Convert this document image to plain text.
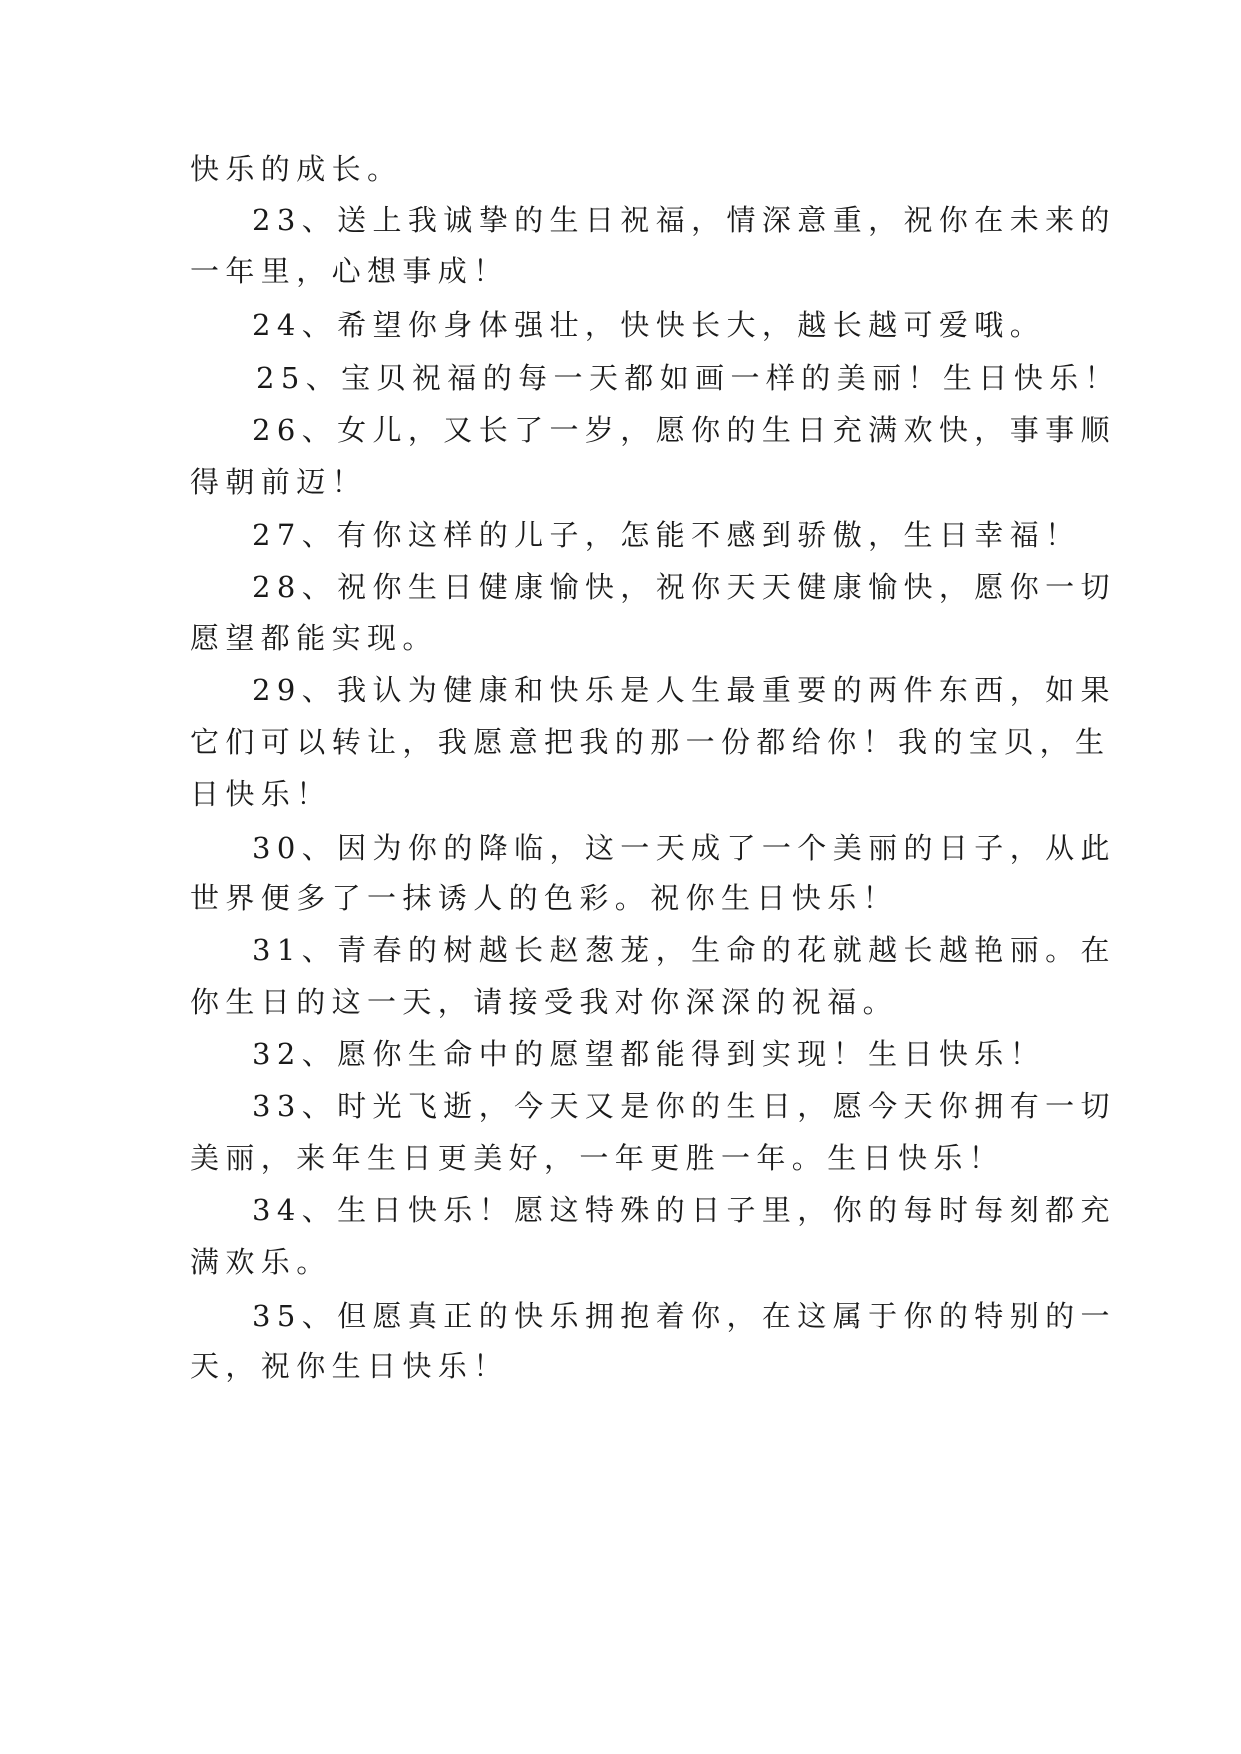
快乐的成长。
23、送上我诚挚的生日祝福，情深意重，祝你在未来的
一年里，心想事成！
24、希望你身体强壮，快快长大，越长越可爱哦。
25、宝贝祝福的每一天都如画一样的美丽！生日快乐！
26、女儿，又长了一岁，愿你的生日充满欢快，事事顺
得朝前迈！
27、有你这样的儿子，怎能不感到骄傲，生日幸福！
28、祝你生日健康愉快，祝你天天健康愉快，愿你一切
愿望都能实现。
29、我认为健康和快乐是人生最重要的两件东西，如果
它们可以转让，我愿意把我的那一份都给你！我的宝贝，生
日快乐！
30、因为你的降临，这一天成了一个美丽的日子，从此
世界便多了一抹诱人的色彩。祝你生日快乐！
31、青春的树越长赵葱茏，生命的花就越长越艳丽。在
你生日的这一天，请接受我对你深深的祝福。
32、愿你生命中的愿望都能得到实现！生日快乐！
33、时光飞逝，今天又是你的生日，愿今天你拥有一切
美丽，来年生日更美好，一年更胜一年。生日快乐！
34、生日快乐！愿这特殊的日子里，你的每时每刻都充
满欢乐。
35、但愿真正的快乐拥抱着你，在这属于你的特别的一
天，祝你生日快乐！
